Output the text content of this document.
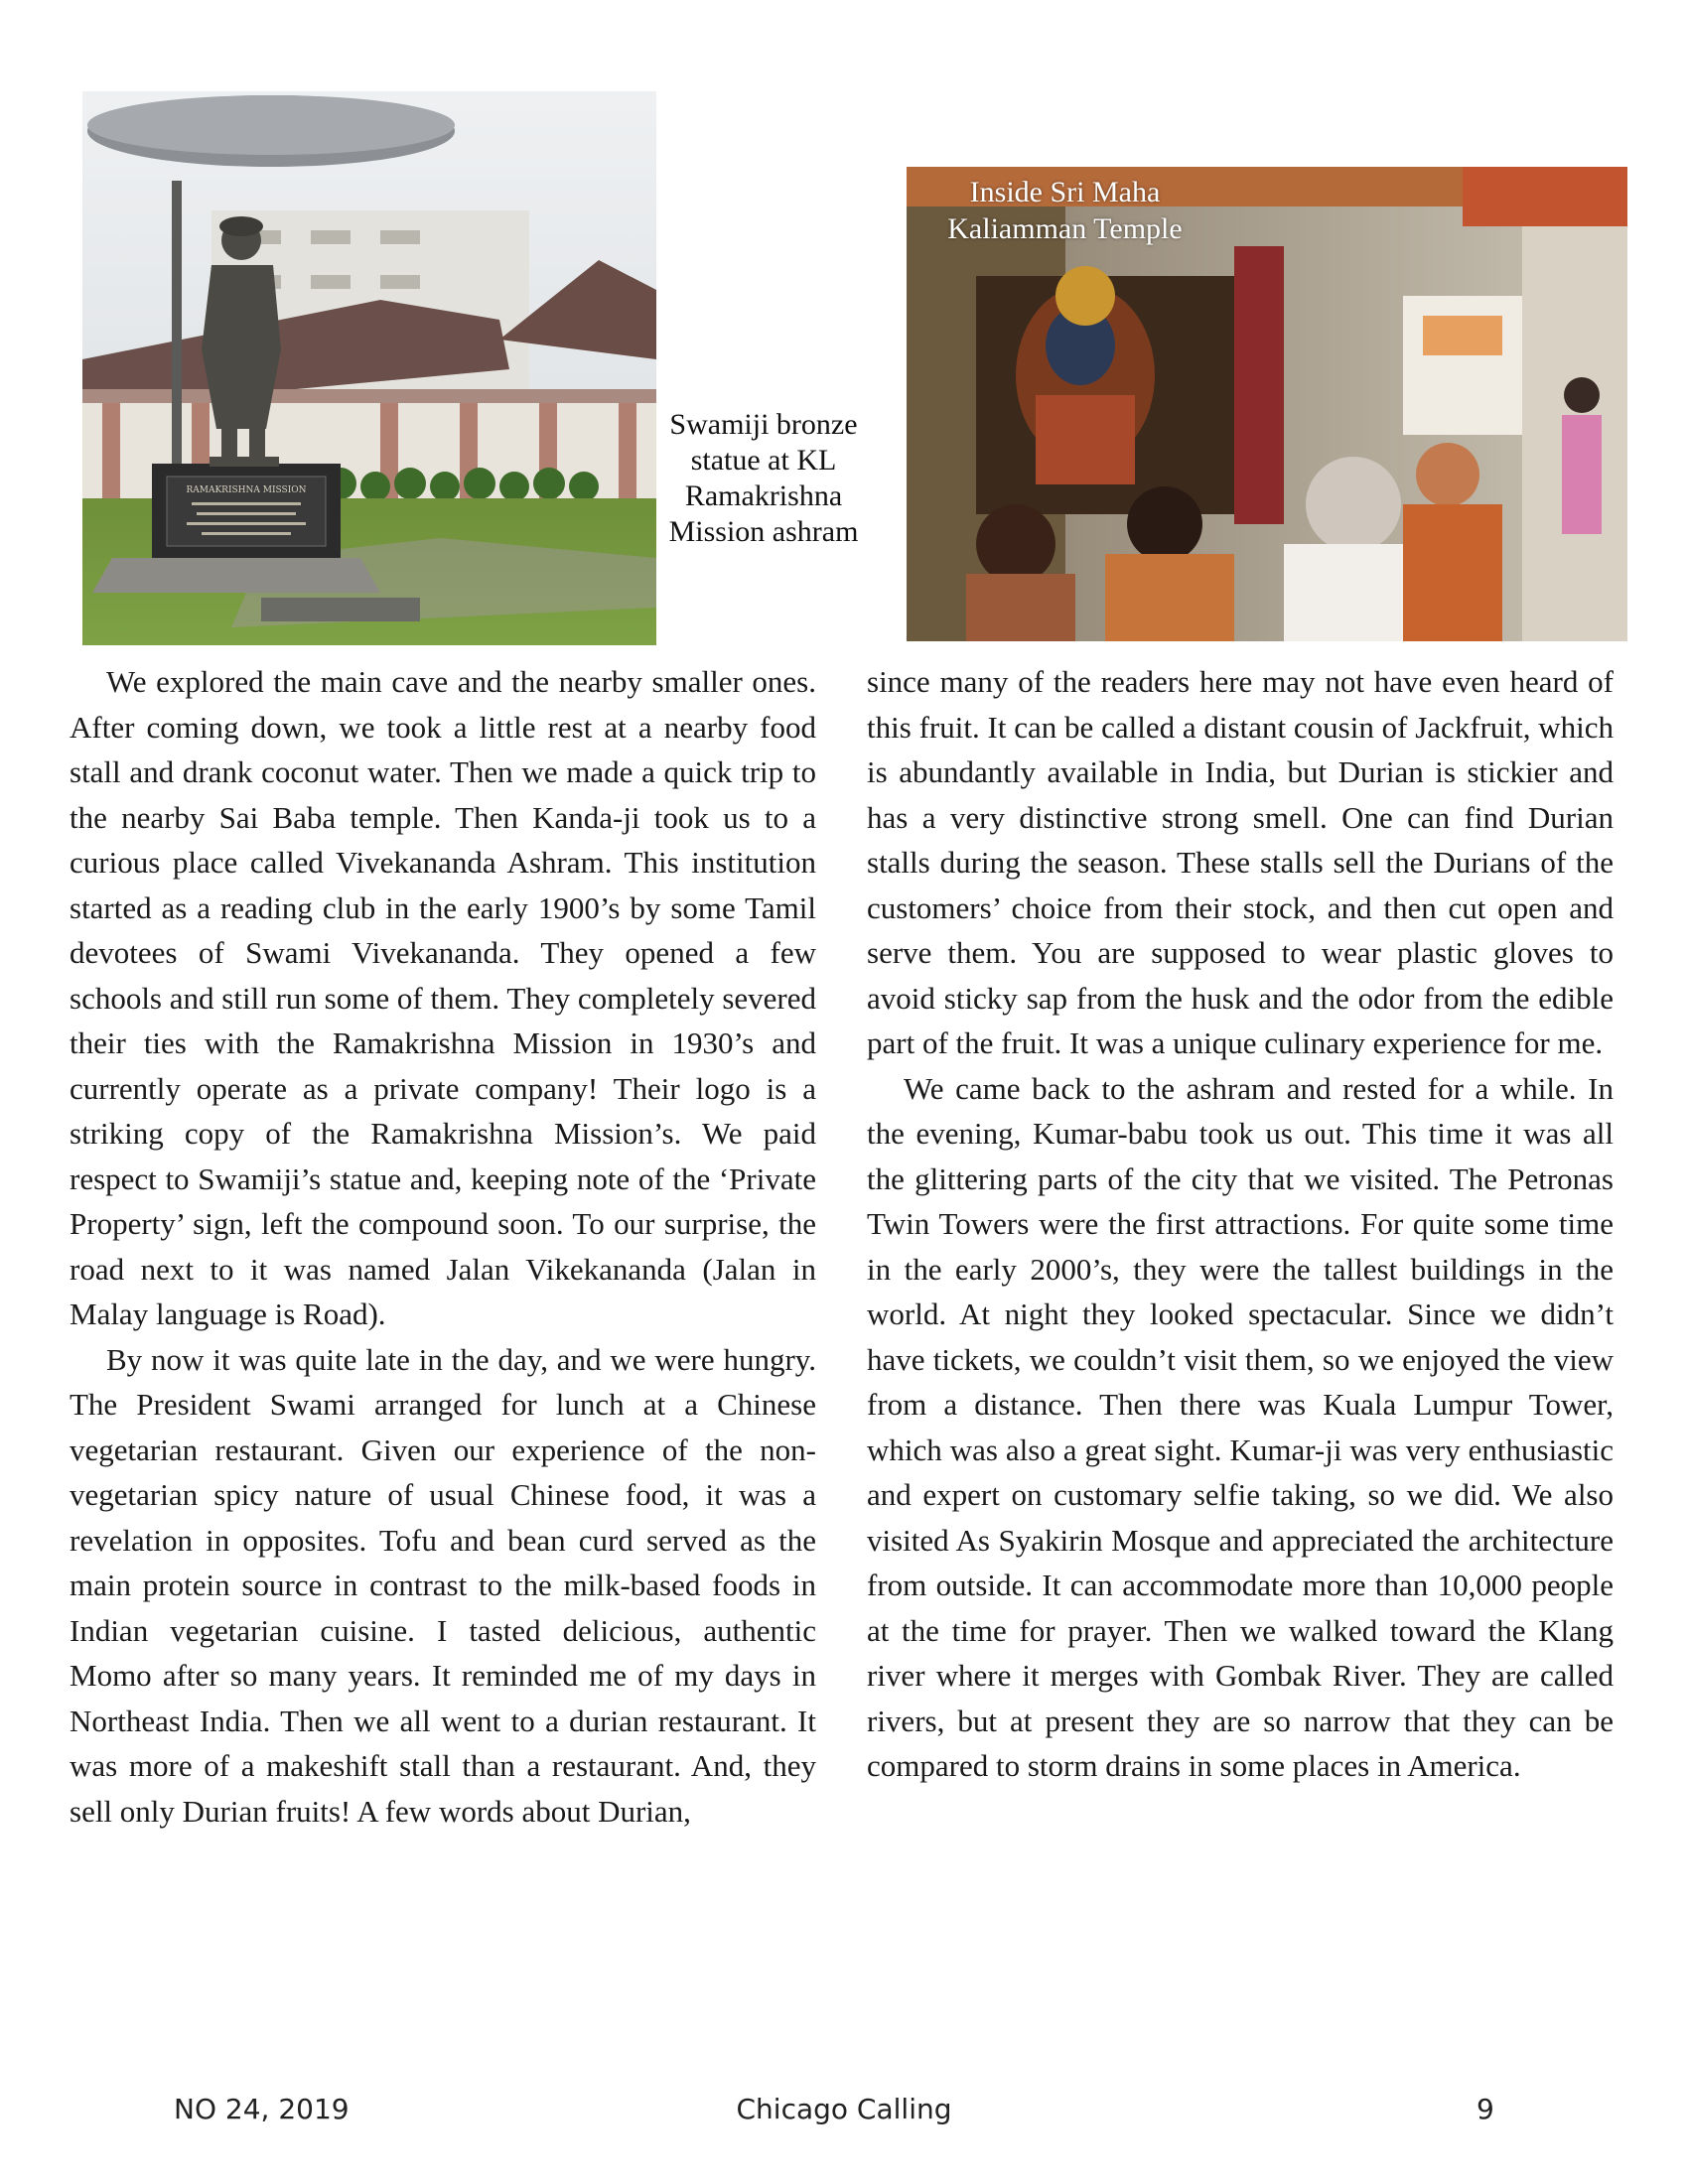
RAMAKRISHNA MISSION
Swamiji bronze statue at KL Ramakrishna Mission ashram
Inside Sri Maha Kaliamman Temple

We explored the main cave and the nearby smaller ones. After coming down, we took a little rest at a nearby food stall and drank coconut water. Then we made a quick trip to the nearby Sai Baba temple. Then Kanda-ji took us to a curious place called Vivekananda Ashram. This institution started as a reading club in the early 1900’s by some Tamil devotees of Swami Vivekananda. They opened a few schools and still run some of them. They completely severed their ties with the Ramakrishna Mission in 1930’s and currently operate as a private company! Their logo is a striking copy of the Ramakrishna Mission’s. We paid respect to Swamiji’s statue and, keeping note of the ‘Private Property’ sign, left the compound soon. To our surprise, the road next to it was named Jalan Vikekananda (Jalan in Malay language is Road).

By now it was quite late in the day, and we were hungry. The President Swami arranged for lunch at a Chinese vegetarian restaurant. Given our experience of the non-vegetarian spicy nature of usual Chinese food, it was a revelation in opposites. Tofu and bean curd served as the main protein source in contrast to the milk-based foods in Indian vegetarian cuisine. I tasted delicious, authentic Momo after so many years. It reminded me of my days in Northeast India. Then we all went to a durian restaurant. It was more of a makeshift stall than a restaurant. And, they sell only Durian fruits! A few words about Durian,

since many of the readers here may not have even heard of this fruit. It can be called a distant cousin of Jackfruit, which is abundantly available in India, but Durian is stickier and has a very distinctive strong smell. One can find Durian stalls during the season. These stalls sell the Durians of the customers’ choice from their stock, and then cut open and serve them. You are supposed to wear plastic gloves to avoid sticky sap from the husk and the odor from the edible part of the fruit. It was a unique culinary experience for me.

We came back to the ashram and rested for a while. In the evening, Kumar-babu took us out. This time it was all the glittering parts of the city that we visited. The Petronas Twin Towers were the first attractions. For quite some time in the early 2000’s, they were the tallest buildings in the world. At night they looked spectacular. Since we didn’t have tickets, we couldn’t visit them, so we enjoyed the view from a distance. Then there was Kuala Lumpur Tower, which was also a great sight. Kumar-ji was very enthusiastic and expert on customary selfie taking, so we did. We also visited As Syakirin Mosque and appreciated the architecture from outside. It can accommodate more than 10,000 people at the time for prayer. Then we walked toward the Klang river where it merges with Gombak River. They are called rivers, but at present they are so narrow that they can be compared to storm drains in some places in America.

NO 24, 2019	Chicago Calling	9
